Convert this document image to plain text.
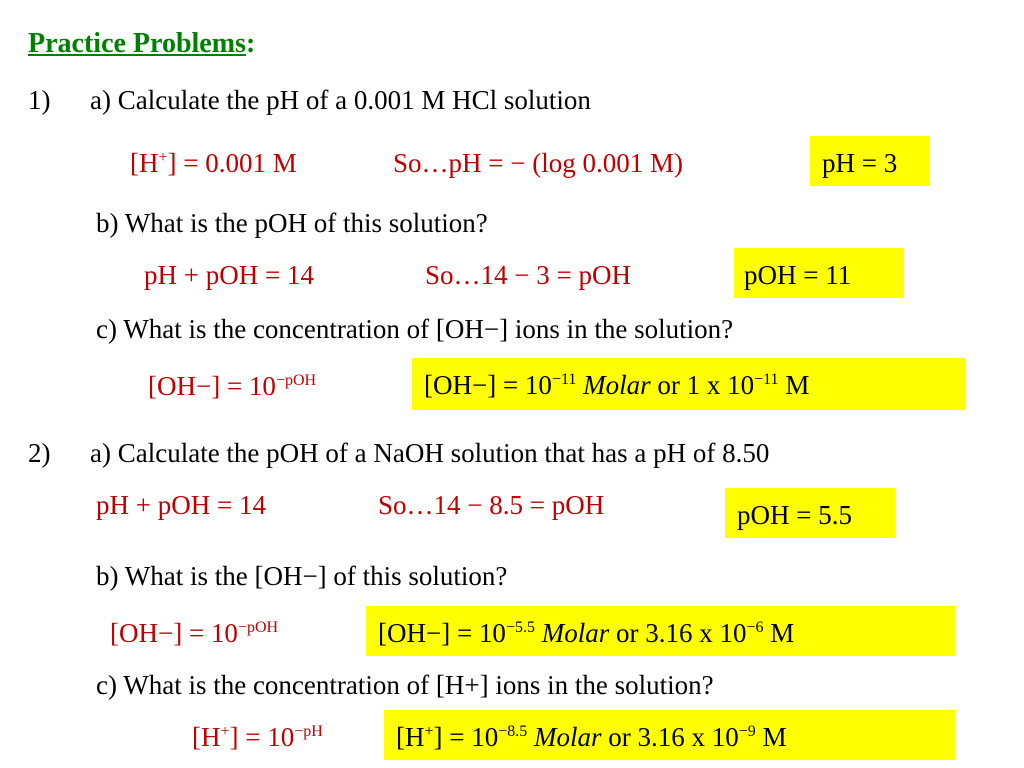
Practice Problems:
1) a) Calculate the pH of a 0.001 M HCl solution
[H+] = 0.001 M	So…pH = − (log 0.001 M)	pH = 3
b) What is the pOH of this solution?
pH + pOH = 14	So…14 − 3 = pOH	pOH = 11
c) What is the concentration of [OH−] ions in the solution?
$[OH-] = 10^{-pOH}$	$[OH-] = 10^{-11}$ Molar or 1 x $10^{-11}$ M
2) a) Calculate the pOH of a NaOH solution that has a pH of 8.50
pH + pOH = 14	So…14 − 8.5 = pOH	pOH = 5.5
b) What is the [OH−] of this solution?
$[OH-] = 10^{-pOH}$	$[OH-] = 10^{-5.5}$ Molar or 3.16 x $10^{-6}$ M
c) What is the concentration of [H+] ions in the solution?
$[H^+] = 10^{-pH}$	$[H^+] = 10^{-8.5}$ Molar or 3.16 x $10^{-9}$ M
